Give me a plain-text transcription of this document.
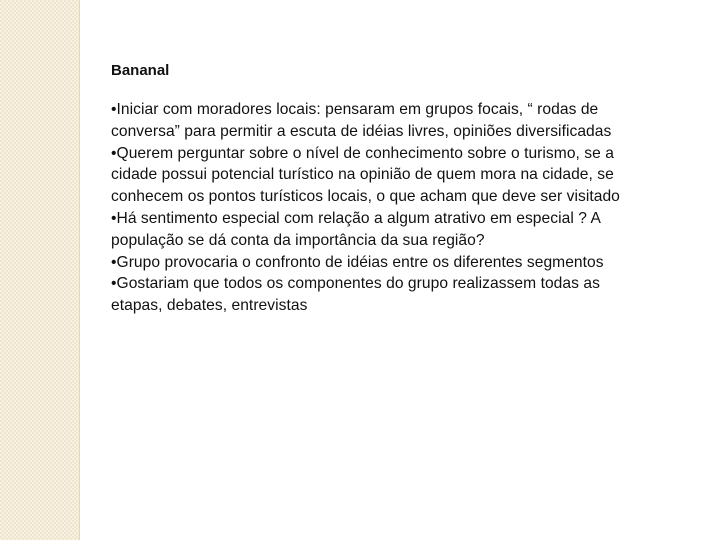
Bananal

•Iniciar com moradores locais: pensaram em grupos focais, “ rodas de
conversa” para permitir a escuta de idéias livres, opiniões diversificadas
•Querem perguntar sobre o nível de conhecimento sobre o turismo, se a
cidade possui potencial turístico na opinião de quem mora na cidade, se
conhecem os pontos turísticos locais, o que acham que deve ser visitado
•Há sentimento especial com relação a algum atrativo em especial ? A
população se dá conta da importância da sua região?
•Grupo provocaria o confronto de idéias entre os diferentes segmentos
•Gostariam que todos os componentes do grupo realizassem todas as
etapas, debates, entrevistas
